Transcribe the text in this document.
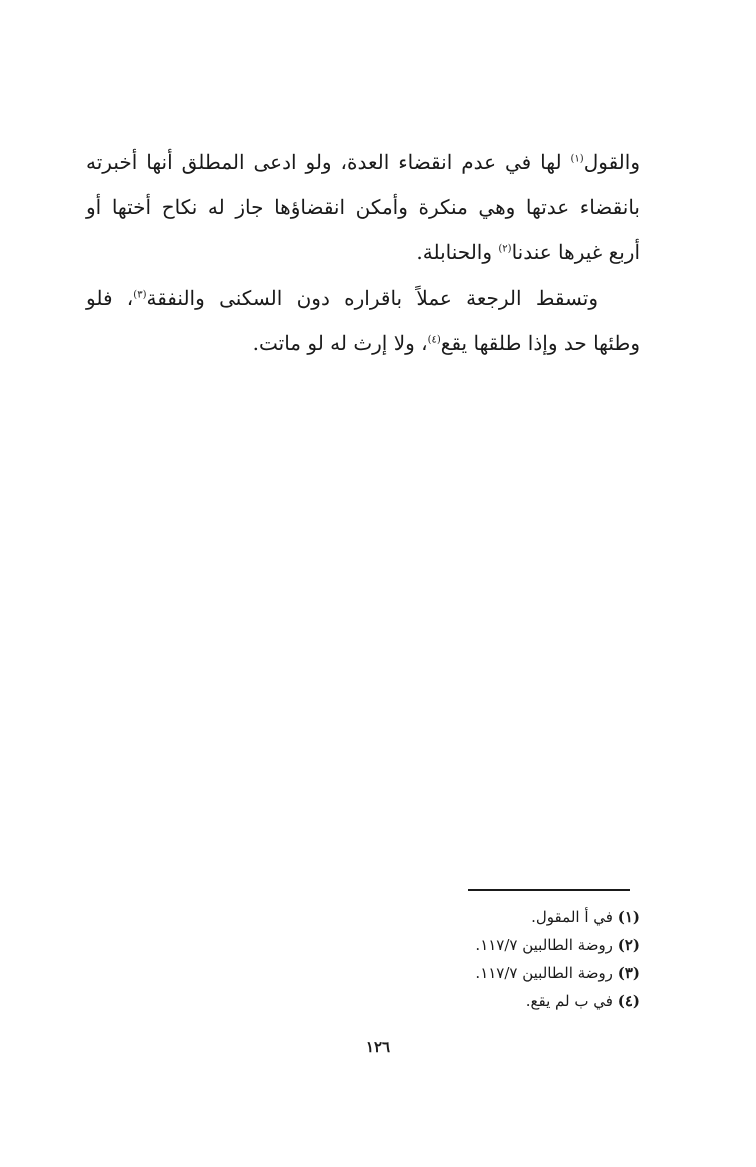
والقول$^{(١)}$ لها في عدم انقضاء العدة، ولو ادعى المطلق أنها أخبرته
بانقضاء عدتها وهي منكرة وأمكن انقضاؤها جاز له نكاح أختها أو
أربع غيرها عندنا$^{(٢)}$ والحنابلة.
وتسقط الرجعة عملاً باقراره دون السكنى والنفقة$^{(٣)}$، فلو
وطئها حد وإذا طلقها يقع$^{(٤)}$، ولا إرث له لو ماتت.
(١) في أ المقول.
(٢) روضة الطالبين ١١٧/٧.
(٣) روضة الطالبين ١١٧/٧.
(٤) في ب لم يقع.
١٢٦
